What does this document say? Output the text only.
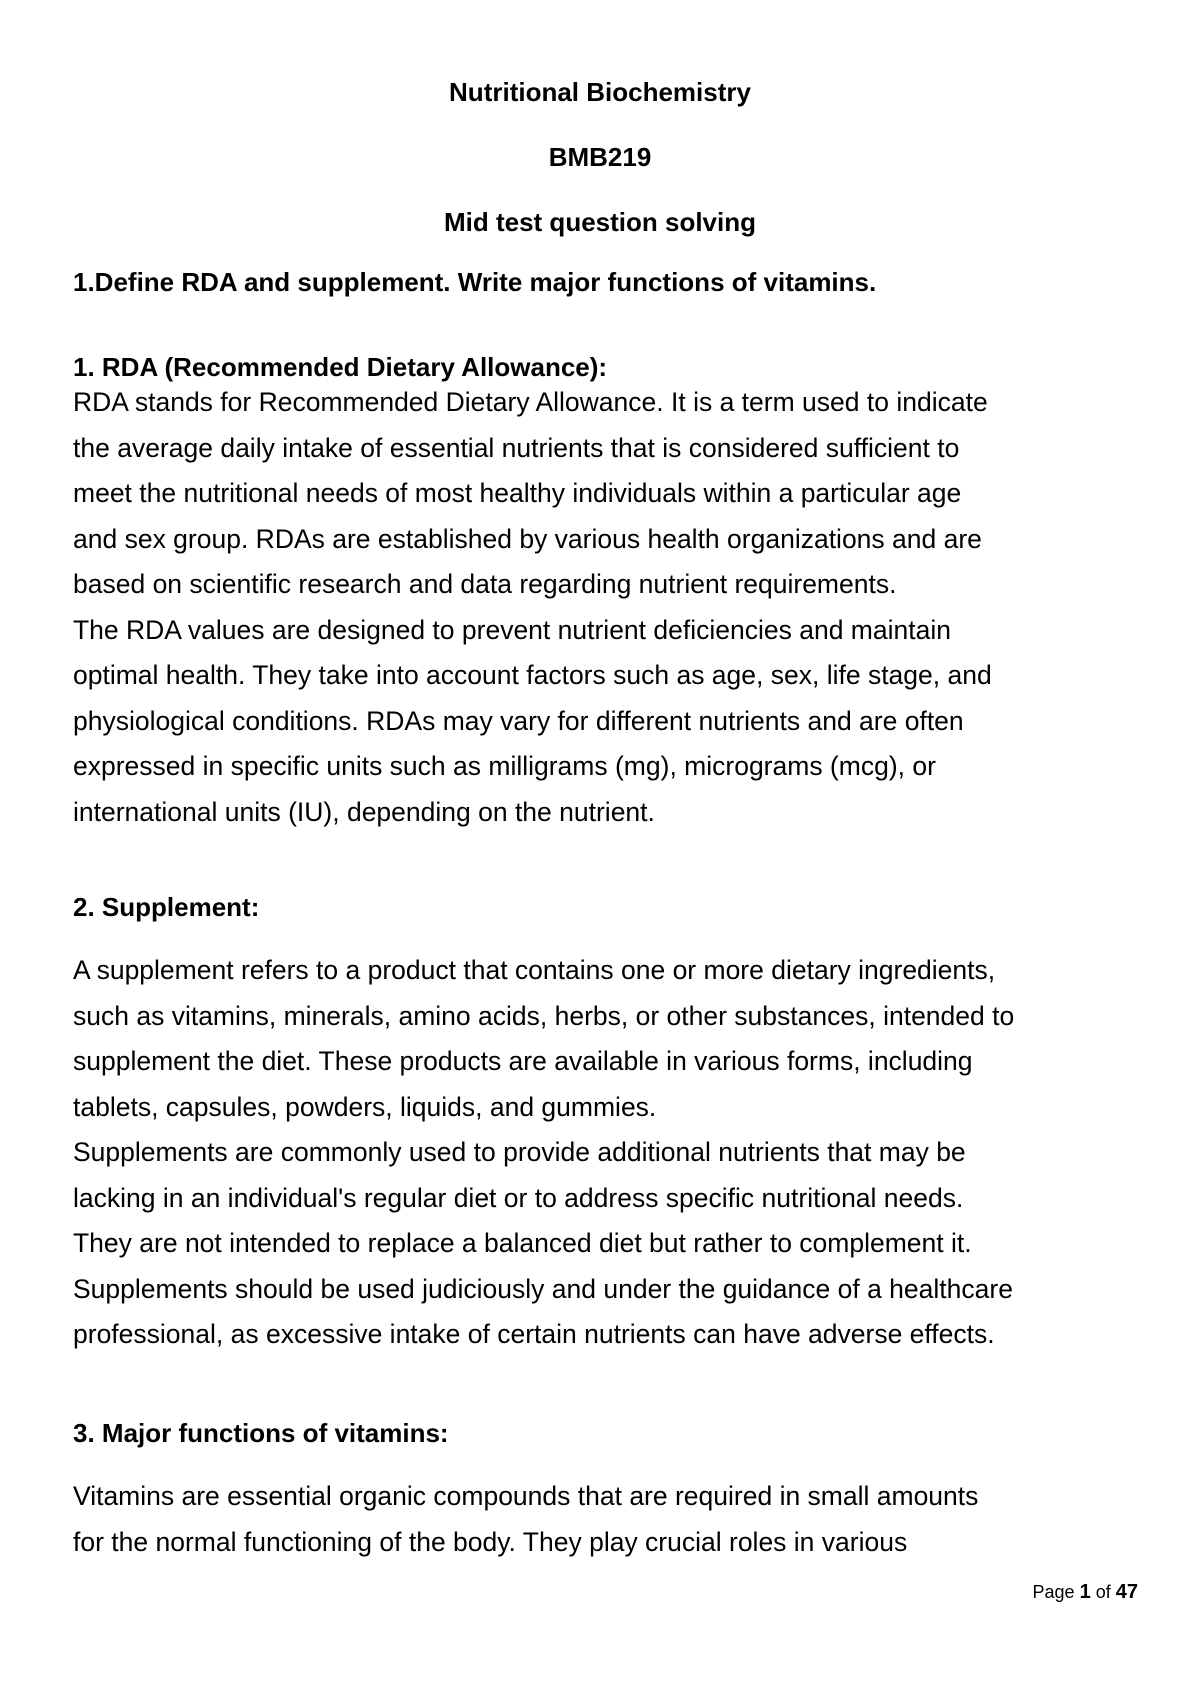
Nutritional Biochemistry

BMB219

Mid test question solving

1.Define RDA and supplement. Write major functions of vitamins.

1. RDA (Recommended Dietary Allowance):

RDA stands for Recommended Dietary Allowance. It is a term used to indicate
the average daily intake of essential nutrients that is considered sufficient to
meet the nutritional needs of most healthy individuals within a particular age
and sex group. RDAs are established by various health organizations and are
based on scientific research and data regarding nutrient requirements.
The RDA values are designed to prevent nutrient deficiencies and maintain
optimal health. They take into account factors such as age, sex, life stage, and
physiological conditions. RDAs may vary for different nutrients and are often
expressed in specific units such as milligrams (mg), micrograms (mcg), or
international units (IU), depending on the nutrient.

2. Supplement:

A supplement refers to a product that contains one or more dietary ingredients,
such as vitamins, minerals, amino acids, herbs, or other substances, intended to
supplement the diet. These products are available in various forms, including
tablets, capsules, powders, liquids, and gummies.
Supplements are commonly used to provide additional nutrients that may be
lacking in an individual's regular diet or to address specific nutritional needs.
They are not intended to replace a balanced diet but rather to complement it.
Supplements should be used judiciously and under the guidance of a healthcare
professional, as excessive intake of certain nutrients can have adverse effects.

3. Major functions of vitamins:

Vitamins are essential organic compounds that are required in small amounts
for the normal functioning of the body. They play crucial roles in various
Page 1 of 47
